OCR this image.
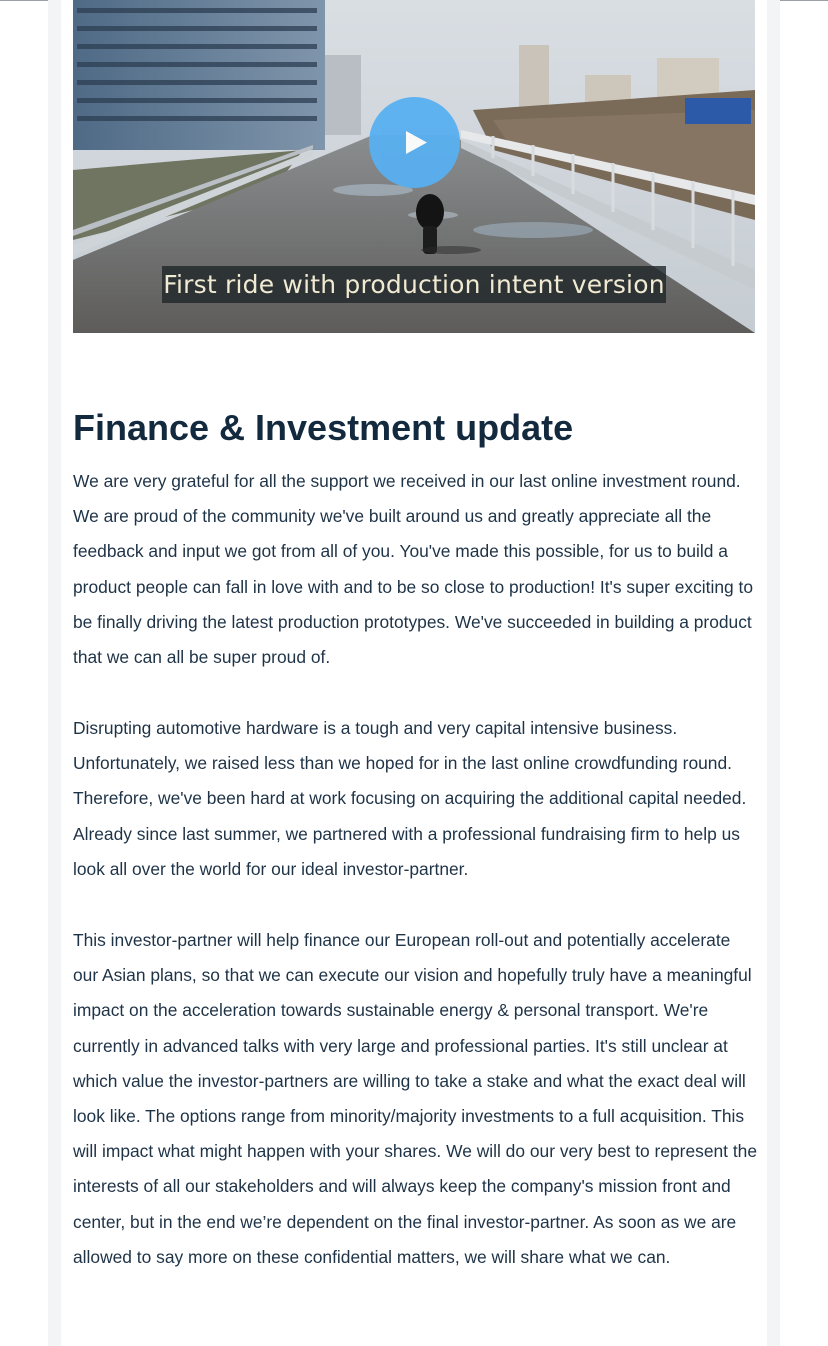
First ride with production intent version
Finance & Investment update

We are very grateful for all the support we received in our last online investment round. We are proud of the community we've built around us and greatly appreciate all the feedback and input we got from all of you. You've made this possible, for us to build a product people can fall in love with and to be so close to production! It's super exciting to be finally driving the latest production prototypes. We've succeeded in building a product that we can all be super proud of.

Disrupting automotive hardware is a tough and very capital intensive business. Unfortunately, we raised less than we hoped for in the last online crowdfunding round. Therefore, we've been hard at work focusing on acquiring the additional capital needed. Already since last summer, we partnered with a professional fundraising firm to help us look all over the world for our ideal investor-partner.

This investor-partner will help finance our European roll-out and potentially accelerate our Asian plans, so that we can execute our vision and hopefully truly have a meaningful impact on the acceleration towards sustainable energy & personal transport. We're currently in advanced talks with very large and professional parties. It's still unclear at which value the investor-partners are willing to take a stake and what the exact deal will look like. The options range from minority/majority investments to a full acquisition. This will impact what might happen with your shares. We will do our very best to represent the interests of all our stakeholders and will always keep the company's mission front and center, but in the end we’re dependent on the final investor-partner. As soon as we are allowed to say more on these confidential matters, we will share what we can.
